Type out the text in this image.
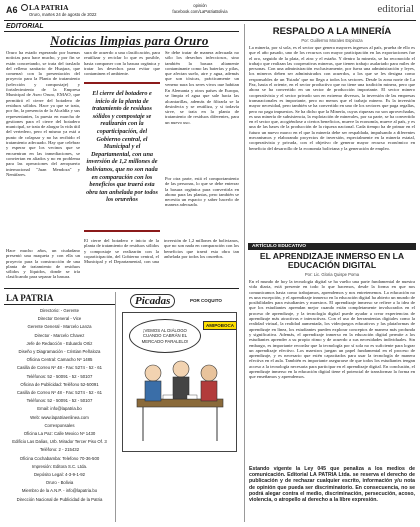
A6 LA PATRIA
Oruro, martes 24 de agosto de 2022
opinión
facebook.com/LaPatriaBolivia	editorial
EDITORIAL
Noticias limpias para Oruro
Oruro ha estado esperando por buenas noticias para hace mucho, y por fin se están concretando, se trata del traslado del relleno sanitario de Huajara, que comenzó con la presentación del proyecto para la Planta de tratamiento (selección y compostaje) y fortalecimiento de la Empresa Municipal de Aseo Oruro, EMAO, que permitirá el cierre del botadero de residuos sólidos. Hace ya que se trata, por fin, la presencia de la Alcaldía y sus representantes, la puesta en marcha de gestiones para el cierre del botadero municipal, se trata de alargar la vida útil del vertedero, pero el mismo ya está a punto de colapsar y no ha recibido el tratamiento adecuado. Hay que celebrar y esperar que los vecinos que se encuentran en las inmediaciones, se conviertan en aliados y no en problema para las operaciones del aeropuerto internacional "Juan Mendoza" y Nenúfares.
sura de acuerdo a una clasificación, para reutilizar y reciclar lo que es posible, hasta componer con la basura orgánica y tratar los desechos para evitar que contaminen el ambiente.
Se debe tratar de manera adecuada no sólo los desechos infecciosos, sino también la basura altamente contaminante como las baterías y pilas, que afectan suelo, aire y agua, además que son tóxicas, prácticamente un veneno para los seres vivos que habitan
En Alemania y otros países de Europa, se limpia el agua que sale hacia las alcantarillas, además de filtrarla se la desinfecta y se reutiliza, y si todavía sirve, se trata en la planta de tratamiento de residuos diferentes, para un nuevo uso.
Por otra parte, está el comportamiento de las personas, lo que se debe enterrar la basura orgánica para convertirla en abono para las plantas, pero también se necesita un espacio y saber hacerlo de manera adecuada.
El cierre del botadero e inicio de la planta de tratamiento de residuos sólidos y compostaje se realizarán con la coparticipación, del Gobierno central, el Municipal y el Departamental, con una inversión de 1,2 millones de bolivianos, que no son nada en comparación con los beneficios que traerá esta obra tan anhelada por todos los orureños
El cierre del botadero e inicio de la planta de tratamiento de residuos sólidos y compostaje se realizarán con la coparticipación, del Gobierno central, el Municipal y el Departamental, con una inversión de 1,2 millones de bolivianos, que no son nada en comparación con los beneficios que traerá esta obra tan anhelada por todos los orureños.
Hace mucho años, un ciudadano presentó una maqueta y con ella un proyecto para la construcción de una planta de tratamiento de residuos sólidos y líquidos, donde se iría clasificando para separar la basura.
LA PATRIA
Directorio: - Gerente
Director General - Vice
Gerente General - Marcelo Lanza
Director - Marcelo Chavez
Jefe de Redacción - Eduardo Ortiz
Diseño y Diagramación - Cristian Peñaloza
Oficina Central: Camacho Nº 1485
Casilla de Correo Nº 48 - Fax: 5274 - 52 - 61
Teléfonos: 52 - 50091 - 52 - 50107
Oficina de Publicidad: Teléfono 52-50091
Casilla de Correo Nº 48 - Fax: 5274 - 52 - 61
Teléfonos: 52 - 50091 - 52 - 50107
Email: info@lapatria.bo
Web: www.lapatriaenlinea.com
Corresponsales
Oficina La Paz: Calle Mexico Nº 1430
Edificio Las Dalias, Urb. Mirador Tercer Piso Of. 3
Teléfono: 2 - 215432
Oficina Cochabamba: Telefono 70-36-500
Impresión: Editora S.C. Ltda.
Depósito Legal: 4-3-9-1-92
Oruro - Bolivia
Miembro de la A.N.P. - info@lapatria.bo
Dirección Nacional de Publicidad de la Patria
Picadas	POR COQUITO
¡VEMOS AL DIÁLOGO CUANDO CABRÁN EL MERCADO PARALELO!
AMIPOBOCA
RESPALDO A LA MINERÍA
Por: Guillermo Morales Espinoza
La minería, por sí sola, es el sector que genera mayores ingresos al país, prueba de ello es que el año pasado, uno de los recursos con mayor participación en las exportaciones fue el oro, seguido de la plata, el zinc y el estaño. Y dentro la minería, se ha reconocido el trabajo que realizan las cooperativas mineras, que tienen trabajo asalariado para miles de personas. Con una administración exclusivamente, por fuera una administración y leyes, los mineros deben ser administrados con acuerdos, a los que se les designa como responsables de un 'Estado' que no llega a todos los sectores. Desde la zona norte de La Paz, hasta el oriente, en el sector productivo que no tiene una tradición minera, pero que ahora se ha convertido en un sector de producción importante. El sector minero cooperativista y el sector privado son en extremo diversos, la inversión de las empresas transnacionales es importante, pero no menos que el trabajo minero. Es la inversión mayor necesidad, pero también se ha convertido en uno de los sectores que paga regalías, pero no paga impuestos. Se ha dicho que la Minería, cuyas riquezas no son aprovechadas, es una minería de subsistencia, la explotación de minerales, por su parte, se ha convertido en el sector que, acogiéndose a ciertos beneficios, mueve la economía, mueve al país, y es una de las bases de la producción de la riqueza nacional. Cada tiempo ha de primar en el futuro un nuevo marco en el que la minería debe ser respaldada, impulsando a diferentes mecanismos y elaborando proyectos de inversión, especialmente en la minería estatal, cooperativista y privada, con el objetivo de generar mayor recurso económico en beneficio del desarrollo de la economía boliviana y la generación de empleo.
ARTÍCULO EDUCATIVO
EL APRENDIZAJE INMERSO EN LA EDUCACIÓN DIGITAL
Por: Lic. Gloria Quispe Poma
En el mundo de hoy la tecnología digital se ha vuelto una parte fundamental de nuestra vida diaria, está presente en todo lo que hacemos, desde la forma en que nos comunicamos hasta como trabajamos, aprendemos y nos entretenemos. La educación no es una excepción, y el aprendizaje inmerso en la educación digital ha abierto un mundo de posibilidades para estudiantes y maestros. El aprendizaje inmerso se refiere a la idea de que los estudiantes aprendan mejor cuando están completamente involucrados en el proceso de aprendizaje, y la tecnología digital puede ayudar a crear experiencias de aprendizaje más atractivas e interactivas. Con el uso de herramientas digitales como la realidad virtual, la realidad aumentada, los videojuegos educativos y las plataformas de aprendizaje en línea, los estudiantes pueden explorar conceptos de manera más profunda y significativa. Además, el aprendizaje inmerso en la educación digital permite a los estudiantes aprender a su propio ritmo y de acuerdo a sus necesidades individuales. Sin embargo, es importante recordar que la tecnología por sí sola no es suficiente para lograr un aprendizaje efectivo. Los maestros juegan un papel fundamental en el proceso de aprendizaje, y es necesario que estén capacitados para usar la tecnología de manera efectiva en el aula. También es importante asegurarse de que todos los estudiantes tengan acceso a la tecnología necesaria para participar en el aprendizaje digital. En conclusión, el aprendizaje inmerso en la educación digital tiene el potencial de transformar la forma en que enseñamos y aprendemos.
Estando vigente la Ley 045 que penaliza a los medios de comunicación. Editorial LA PATRIA Ltda. se reserva el derecho de publicación y de rechazar cualquier escrito, información y/u nota de opinión que pueda ser discriminatorio. En consecuencia, no se podrá alegar contra el medio, discriminación, persecución, acoso, violencia, o atropello al derecho a la libre expresión.
